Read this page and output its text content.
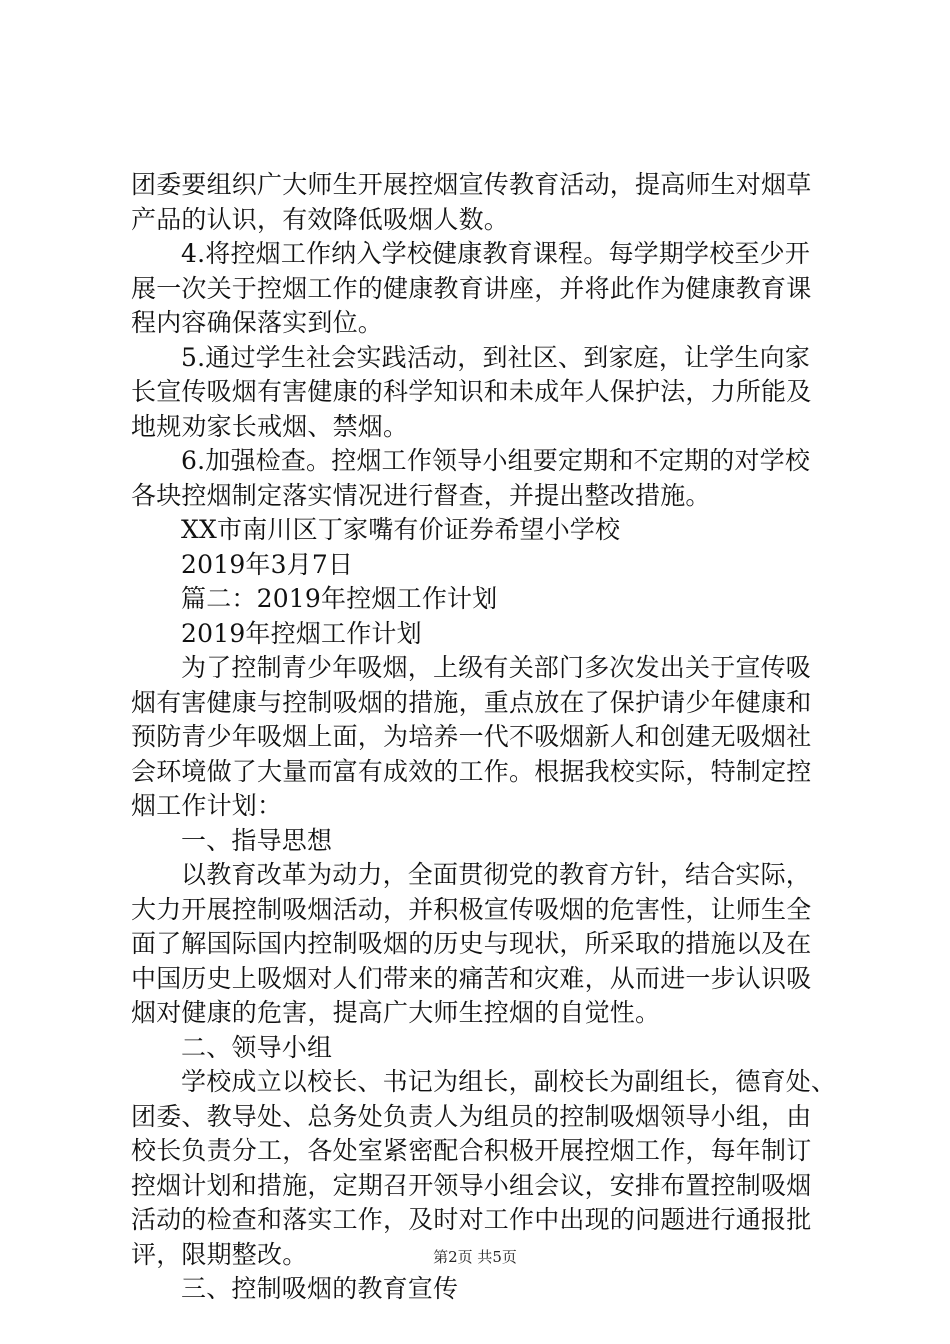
团委要组织广大师生开展控烟宣传教育活动，提高师生对烟草
产品的认识，有效降低吸烟人数。
4.将控烟工作纳入学校健康教育课程。每学期学校至少开
展一次关于控烟工作的健康教育讲座，并将此作为健康教育课
程内容确保落实到位。
5.通过学生社会实践活动，到社区、到家庭，让学生向家
长宣传吸烟有害健康的科学知识和未成年人保护法，力所能及
地规劝家长戒烟、禁烟。
6.加强检查。控烟工作领导小组要定期和不定期的对学校
各块控烟制定落实情况进行督查，并提出整改措施。
XX市南川区丁家嘴有价证券希望小学校
2019年3月7日
篇二：2019年控烟工作计划
2019年控烟工作计划
为了控制青少年吸烟，上级有关部门多次发出关于宣传吸
烟有害健康与控制吸烟的措施，重点放在了保护请少年健康和
预防青少年吸烟上面，为培养一代不吸烟新人和创建无吸烟社
会环境做了大量而富有成效的工作。根据我校实际，特制定控
烟工作计划：
一、指导思想
以教育改革为动力，全面贯彻党的教育方针，结合实际，
大力开展控制吸烟活动，并积极宣传吸烟的危害性，让师生全
面了解国际国内控制吸烟的历史与现状，所采取的措施以及在
中国历史上吸烟对人们带来的痛苦和灾难，从而进一步认识吸
烟对健康的危害，提高广大师生控烟的自觉性。
二、领导小组
学校成立以校长、书记为组长，副校长为副组长，德育处、
团委、教导处、总务处负责人为组员的控制吸烟领导小组，由
校长负责分工，各处室紧密配合积极开展控烟工作，每年制订
控烟计划和措施，定期召开领导小组会议，安排布置控制吸烟
活动的检查和落实工作，及时对工作中出现的问题进行通报批
评，限期整改。
三、控制吸烟的教育宣传
第2页 共5页
